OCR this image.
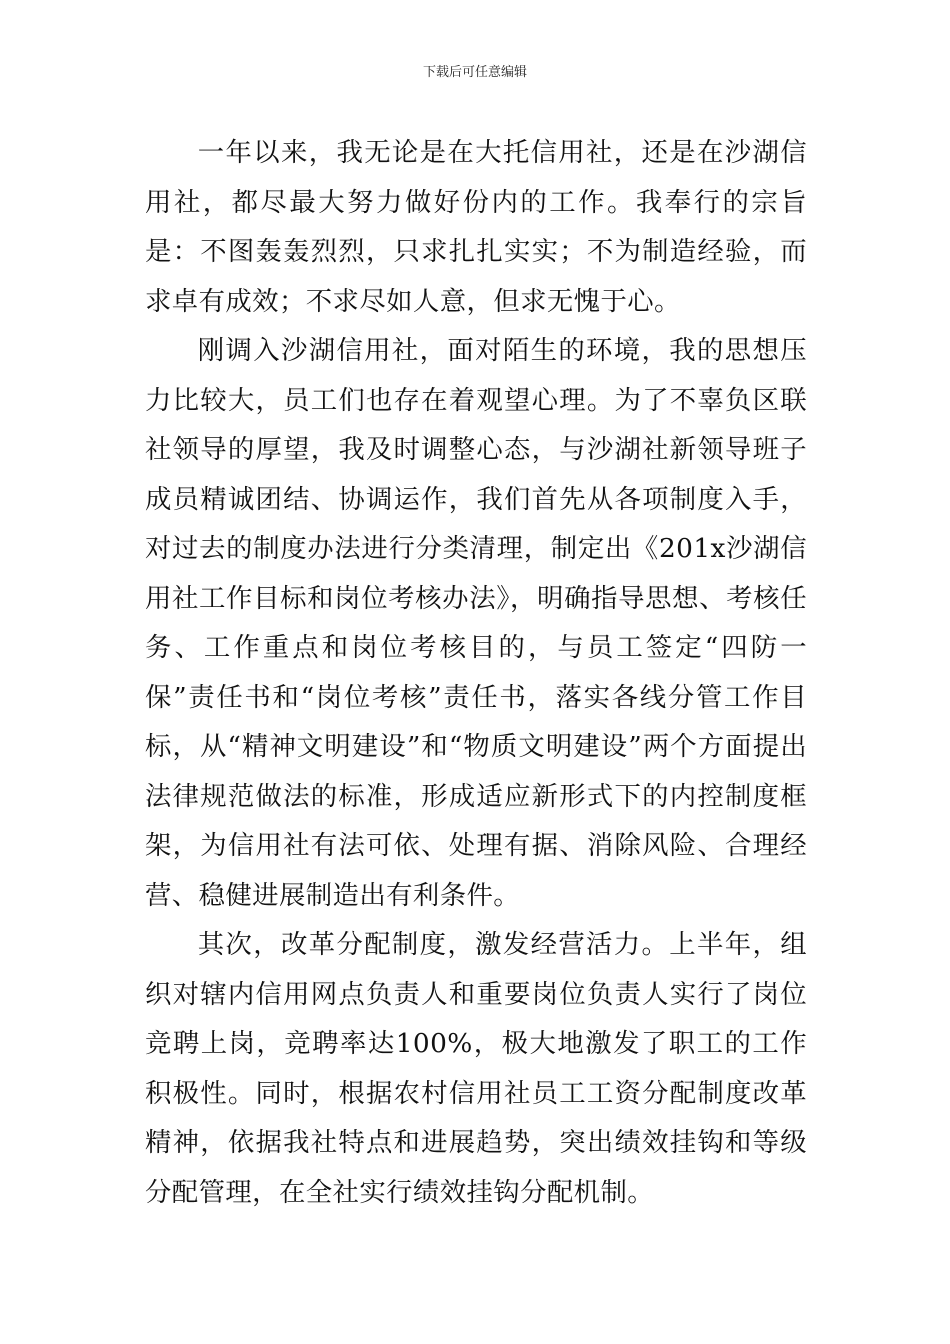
下载后可任意编辑

一年以来，我无论是在大托信用社，还是在沙湖信用社，都尽最大努力做好份内的工作。我奉行的宗旨是：不图轰轰烈烈，只求扎扎实实；不为制造经验，而求卓有成效；不求尽如人意，但求无愧于心。

刚调入沙湖信用社，面对陌生的环境，我的思想压力比较大，员工们也存在着观望心理。为了不辜负区联社领导的厚望，我及时调整心态，与沙湖社新领导班子成员精诚团结、协调运作，我们首先从各项制度入手，对过去的制度办法进行分类清理，制定出《201x沙湖信用社工作目标和岗位考核办法》，明确指导思想、考核任务、工作重点和岗位考核目的，与员工签定“四防一保”责任书和“岗位考核”责任书，落实各线分管工作目标，从“精神文明建设”和“物质文明建设”两个方面提出法律规范做法的标准，形成适应新形式下的内控制度框架，为信用社有法可依、处理有据、消除风险、合理经营、稳健进展制造出有利条件。

其次，改革分配制度，激发经营活力。上半年，组织对辖内信用网点负责人和重要岗位负责人实行了岗位竞聘上岗，竞聘率达100%，极大地激发了职工的工作积极性。同时，根据农村信用社员工工资分配制度改革精神，依据我社特点和进展趋势，突出绩效挂钩和等级分配管理，在全社实行绩效挂钩分配机制。
